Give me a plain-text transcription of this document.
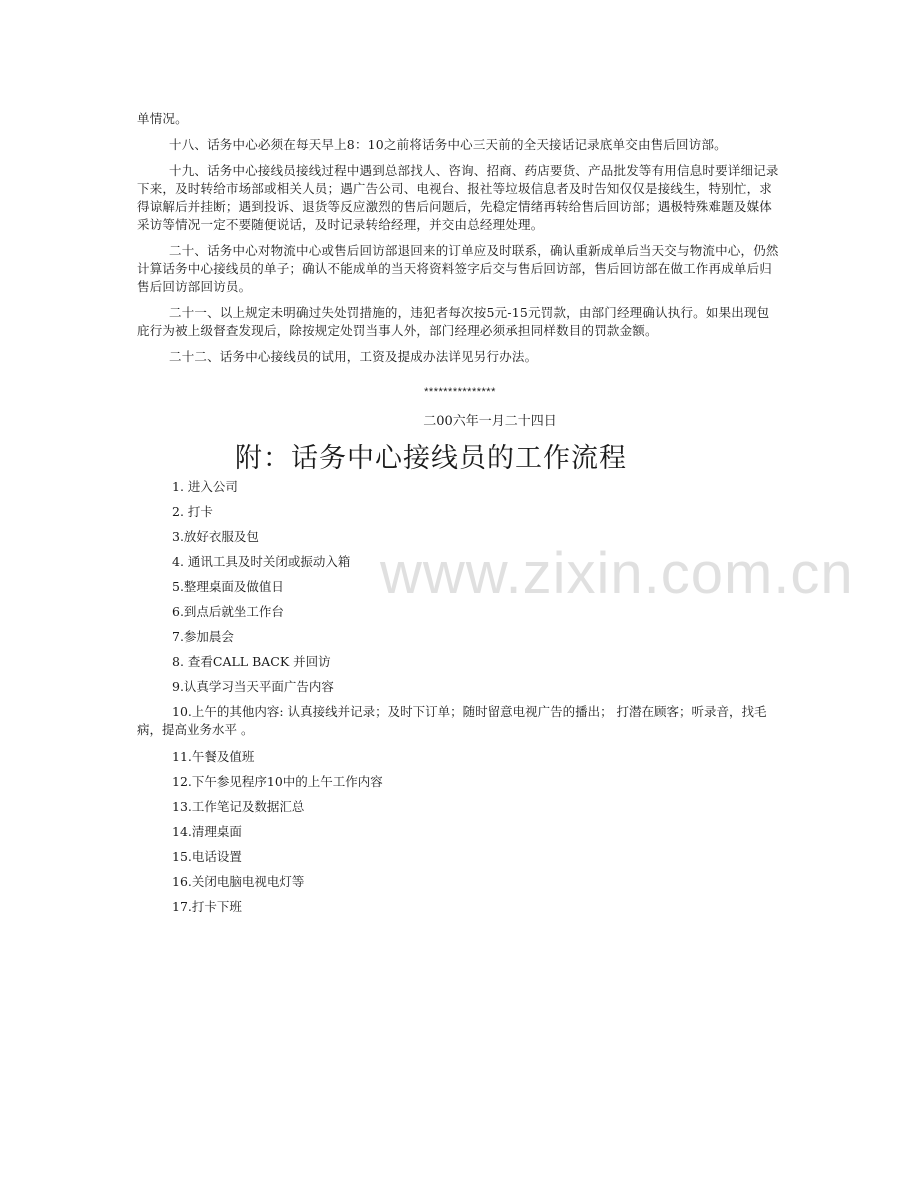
单情况。

十八、话务中心必须在每天早上8：10之前将话务中心三天前的全天接话记录底单交由售后回访部。

十九、话务中心接线员接线过程中遇到总部找人、咨询、招商、药店要货、产品批发等有用信息时要详细记录下来，及时转给市场部或相关人员；遇广告公司、电视台、报社等垃圾信息者及时告知仅仅是接线生，特别忙，求得谅解后并挂断；遇到投诉、退货等反应激烈的售后问题后，先稳定情绪再转给售后回访部；遇极特殊难题及媒体采访等情况一定不要随便说话，及时记录转给经理，并交由总经理处理。

二十、话务中心对物流中心或售后回访部退回来的订单应及时联系，确认重新成单后当天交与物流中心，仍然计算话务中心接线员的单子；确认不能成单的当天将资料签字后交与售后回访部，售后回访部在做工作再成单后归售后回访部回访员。

二十一、以上规定未明确过失处罚措施的，违犯者每次按5元-15元罚款，由部门经理确认执行。如果出现包庇行为被上级督查发现后，除按规定处罚当事人外，部门经理必须承担同样数目的罚款金额。

二十二、话务中心接线员的试用，工资及提成办法详见另行办法。

***************
二00六年一月二十四日
附：话务中心接线员的工作流程
1. 进入公司
2. 打卡
3.放好衣服及包
4. 通讯工具及时关闭或振动入箱
5.整理桌面及做值日
6.到点后就坐工作台
7.参加晨会
8. 查看CALL BACK 并回访
9.认真学习当天平面广告内容
10.上午的其他内容: 认真接线并记录；及时下订单；随时留意电视广告的播出； 打潜在顾客；听录音，找毛病，提高业务水平 。
11.午餐及值班
12.下午参见程序10中的上午工作内容
13.工作笔记及数据汇总
14.清理桌面
15.电话设置
16.关闭电脑电视电灯等
17.打卡下班
www.zixin.com.cn
